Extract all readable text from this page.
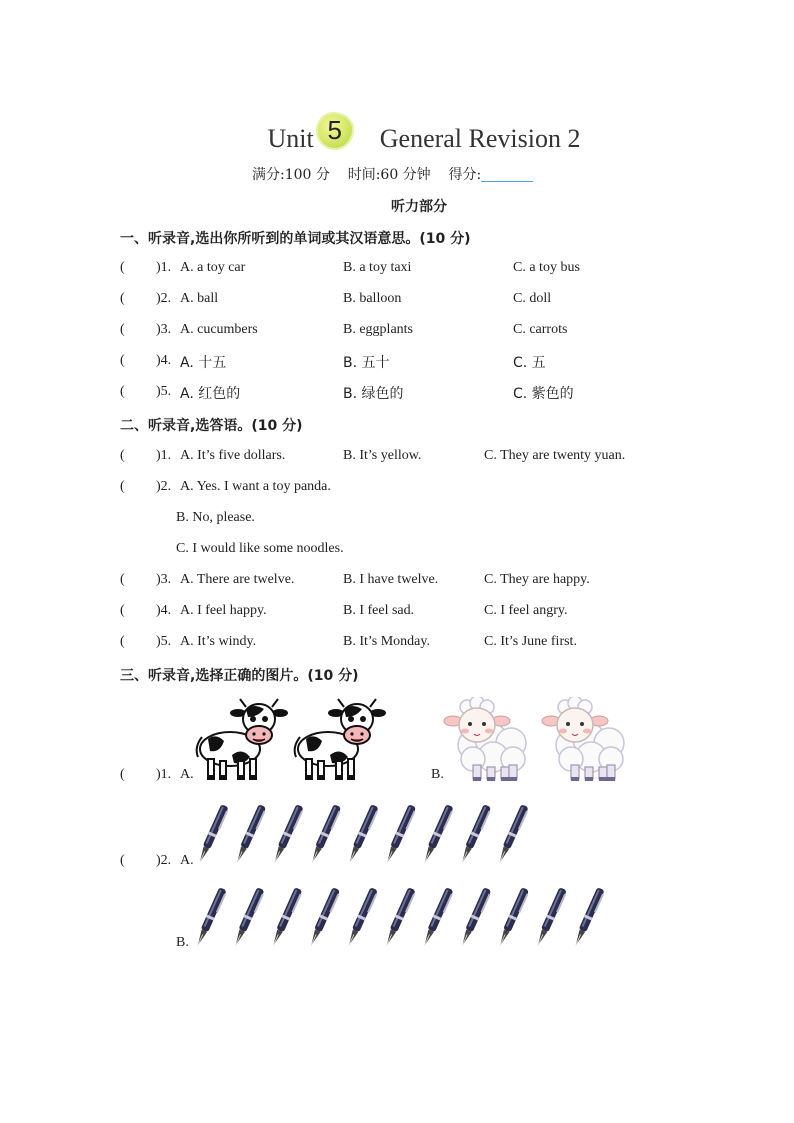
Unit 5 General Revision 2
满分:100 分 时间:60 分钟 得分:
听力部分
一、听录音,选出你所听到的单词或其汉语意思。(10 分)
( )1. A. a toy car	B. a toy taxi	C. a toy bus
( )2. A. ball	B. balloon	C. doll
( )3. A. cucumbers	B. eggplants	C. carrots
( )4. A. 十五	B. 五十	C. 五
( )5. A. 红色的	B. 绿色的	C. 紫色的
二、听录音,选答语。(10 分)
( )1. A. It’s five dollars.	B. It’s yellow.	C. They are twenty yuan.
( )2. A. Yes. I want a toy panda.
B. No, please.
C. I would like some noodles.
( )3. A. There are twelve.	B. I have twelve.	C. They are happy.
( )4. A. I feel happy.	B. I feel sad.	C. I feel angry.
( )5. A. It’s windy.	B. It’s Monday.	C. It’s June first.
三、听录音,选择正确的图片。(10 分)
( )1. A.	B.
( )2. A.
B.
